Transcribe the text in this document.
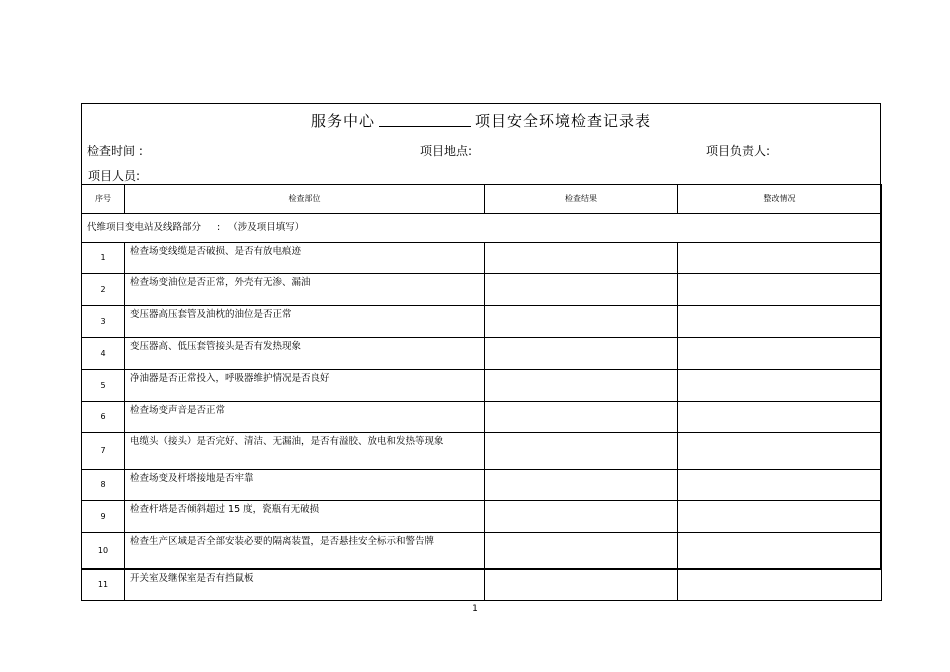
服务中心	项目安全环境检查记录表
检查时间 :	项目地点:	项目负责人:
项目人员:
序号	检查部位	检查结果	整改情况
代维项目变电站及线路部分 : （涉及项目填写）			
1	检查场变线缆是否破损、是否有放电痕迹		
2	检查场变油位是否正常，外壳有无渗、漏油		
3	变压器高压套管及油枕的油位是否正常		
4	变压器高、低压套管接头是否有发热现象		
5	净油器是否正常投入，呼吸器维护情况是否良好		
6	检查场变声音是否正常		
7	电缆头（接头）是否完好、清洁、无漏油，是否有溢胶、放电和发热等现象		
8	检查场变及杆塔接地是否牢靠		
9	检查杆塔是否倾斜超过 15 度，瓷瓶有无破损		
10	检查生产区域是否全部安装必要的隔离装置，是否悬挂安全标示和警告牌		
11	开关室及继保室是否有挡鼠板		
1
